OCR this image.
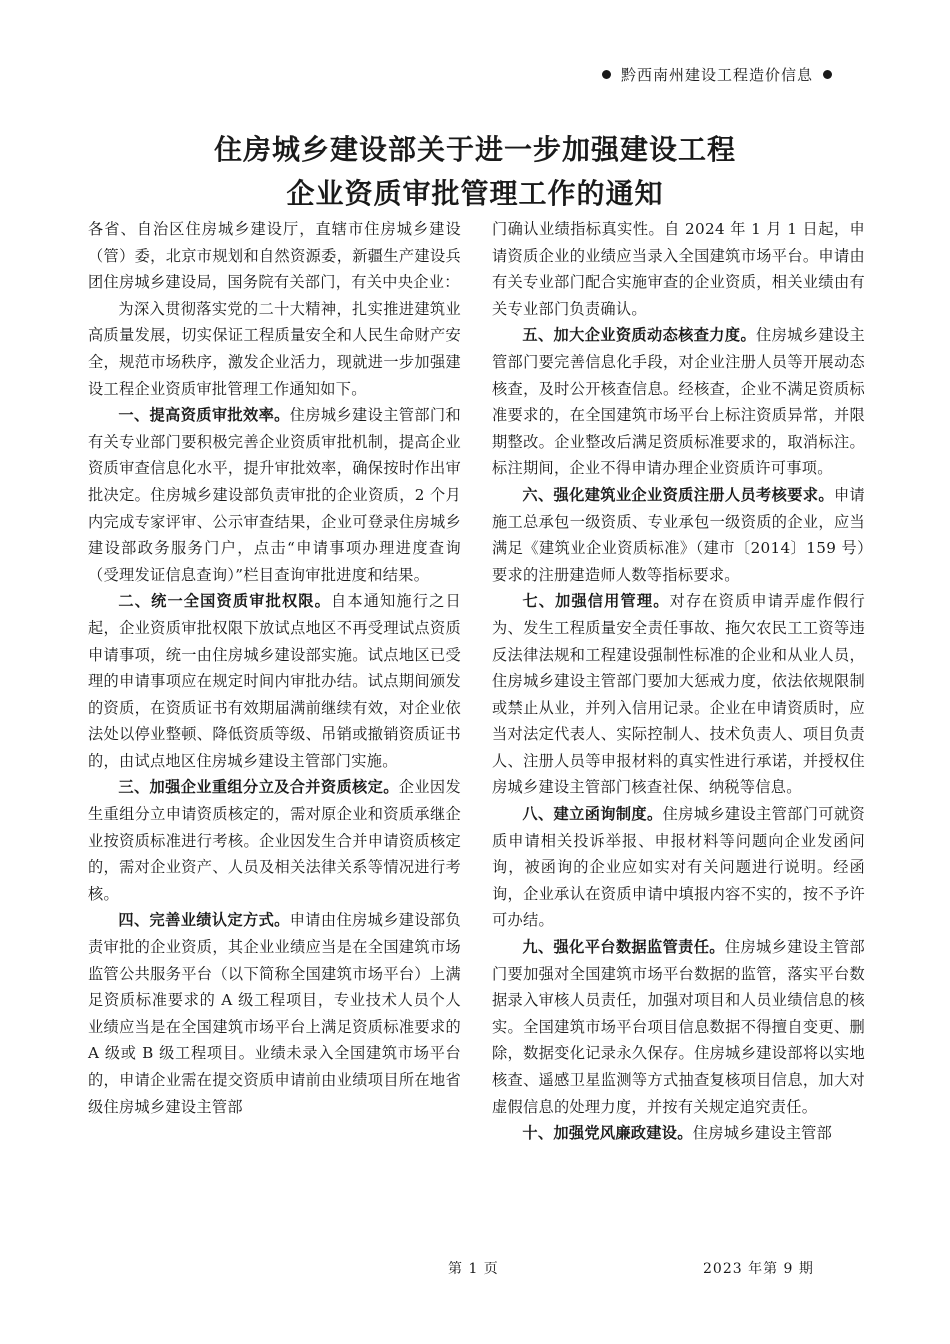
黔西南州建设工程造价信息
住房城乡建设部关于进一步加强建设工程
企业资质审批管理工作的通知

各省、自治区住房城乡建设厅，直辖市住房城乡建设（管）委，北京市规划和自然资源委，新疆生产建设兵团住房城乡建设局，国务院有关部门，有关中央企业：

为深入贯彻落实党的二十大精神，扎实推进建筑业高质量发展，切实保证工程质量安全和人民生命财产安全，规范市场秩序，激发企业活力，现就进一步加强建设工程企业资质审批管理工作通知如下。

一、提高资质审批效率。住房城乡建设主管部门和有关专业部门要积极完善企业资质审批机制，提高企业资质审查信息化水平，提升审批效率，确保按时作出审批决定。住房城乡建设部负责审批的企业资质，2 个月内完成专家评审、公示审查结果，企业可登录住房城乡建设部政务服务门户，点击“申请事项办理进度查询（受理发证信息查询）”栏目查询审批进度和结果。

二、统一全国资质审批权限。自本通知施行之日起，企业资质审批权限下放试点地区不再受理试点资质申请事项，统一由住房城乡建设部实施。试点地区已受理的申请事项应在规定时间内审批办结。试点期间颁发的资质，在资质证书有效期届满前继续有效，对企业依法处以停业整顿、降低资质等级、吊销或撤销资质证书的，由试点地区住房城乡建设主管部门实施。

三、加强企业重组分立及合并资质核定。企业因发生重组分立申请资质核定的，需对原企业和资质承继企业按资质标准进行考核。企业因发生合并申请资质核定的，需对企业资产、人员及相关法律关系等情况进行考核。

四、完善业绩认定方式。申请由住房城乡建设部负责审批的企业资质，其企业业绩应当是在全国建筑市场监管公共服务平台（以下简称全国建筑市场平台）上满足资质标准要求的 A 级工程项目，专业技术人员个人业绩应当是在全国建筑市场平台上满足资质标准要求的 A 级或 B 级工程项目。业绩未录入全国建筑市场平台的，申请企业需在提交资质申请前由业绩项目所在地省级住房城乡建设主管部

门确认业绩指标真实性。自 2024 年 1 月 1 日起，申请资质企业的业绩应当录入全国建筑市场平台。申请由有关专业部门配合实施审查的企业资质，相关业绩由有关专业部门负责确认。

五、加大企业资质动态核查力度。住房城乡建设主管部门要完善信息化手段，对企业注册人员等开展动态核查，及时公开核查信息。经核查，企业不满足资质标准要求的，在全国建筑市场平台上标注资质异常，并限期整改。企业整改后满足资质标准要求的，取消标注。标注期间，企业不得申请办理企业资质许可事项。

六、强化建筑业企业资质注册人员考核要求。申请施工总承包一级资质、专业承包一级资质的企业，应当满足《建筑业企业资质标准》（建市〔2014〕159 号）要求的注册建造师人数等指标要求。

七、加强信用管理。对存在资质申请弄虚作假行为、发生工程质量安全责任事故、拖欠农民工工资等违反法律法规和工程建设强制性标准的企业和从业人员，住房城乡建设主管部门要加大惩戒力度，依法依规限制或禁止从业，并列入信用记录。企业在申请资质时，应当对法定代表人、实际控制人、技术负责人、项目负责人、注册人员等申报材料的真实性进行承诺，并授权住房城乡建设主管部门核查社保、纳税等信息。

八、建立函询制度。住房城乡建设主管部门可就资质申请相关投诉举报、申报材料等问题向企业发函问询，被函询的企业应如实对有关问题进行说明。经函询，企业承认在资质申请中填报内容不实的，按不予许可办结。

九、强化平台数据监管责任。住房城乡建设主管部门要加强对全国建筑市场平台数据的监管，落实平台数据录入审核人员责任，加强对项目和人员业绩信息的核实。全国建筑市场平台项目信息数据不得擅自变更、删除，数据变化记录永久保存。住房城乡建设部将以实地核查、遥感卫星监测等方式抽查复核项目信息，加大对虚假信息的处理力度，并按有关规定追究责任。

十、加强党风廉政建设。住房城乡建设主管部

第 1 页	2023 年第 9 期
